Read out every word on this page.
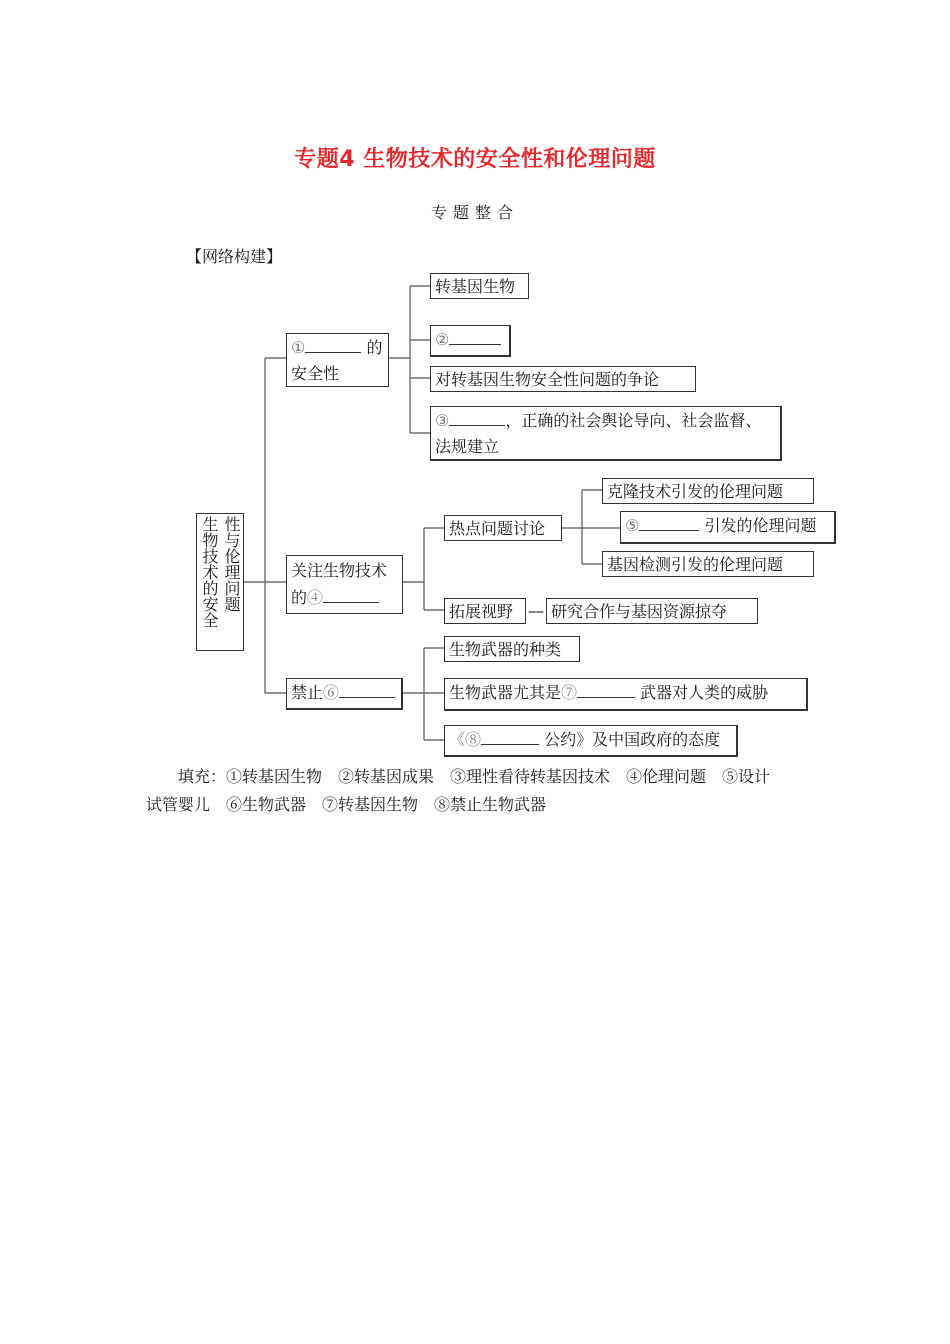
专题4 生物技术的安全性和伦理问题
专题整合
【网络构建】
性与伦理问题
生物技术的安全
①	的
安全性
转基因生物
②
对转基因生物安全性问题的争论
③	，正确的社会舆论导向、社会监督、
法规建立
关注生物技术
的④
热点问题讨论
克隆技术引发的伦理问题
⑤	引发的伦理问题
基因检测引发的伦理问题
拓展视野 — 研究合作与基因资源掠夺
禁止⑥
生物武器的种类
生物武器尤其是⑦	武器对人类的威胁
《⑧	公约》及中国政府的态度
填充：①转基因生物　②转基因成果　③理性看待转基因技术　④伦理问题　⑤设计
试管婴儿　⑥生物武器　⑦转基因生物　⑧禁止生物武器
